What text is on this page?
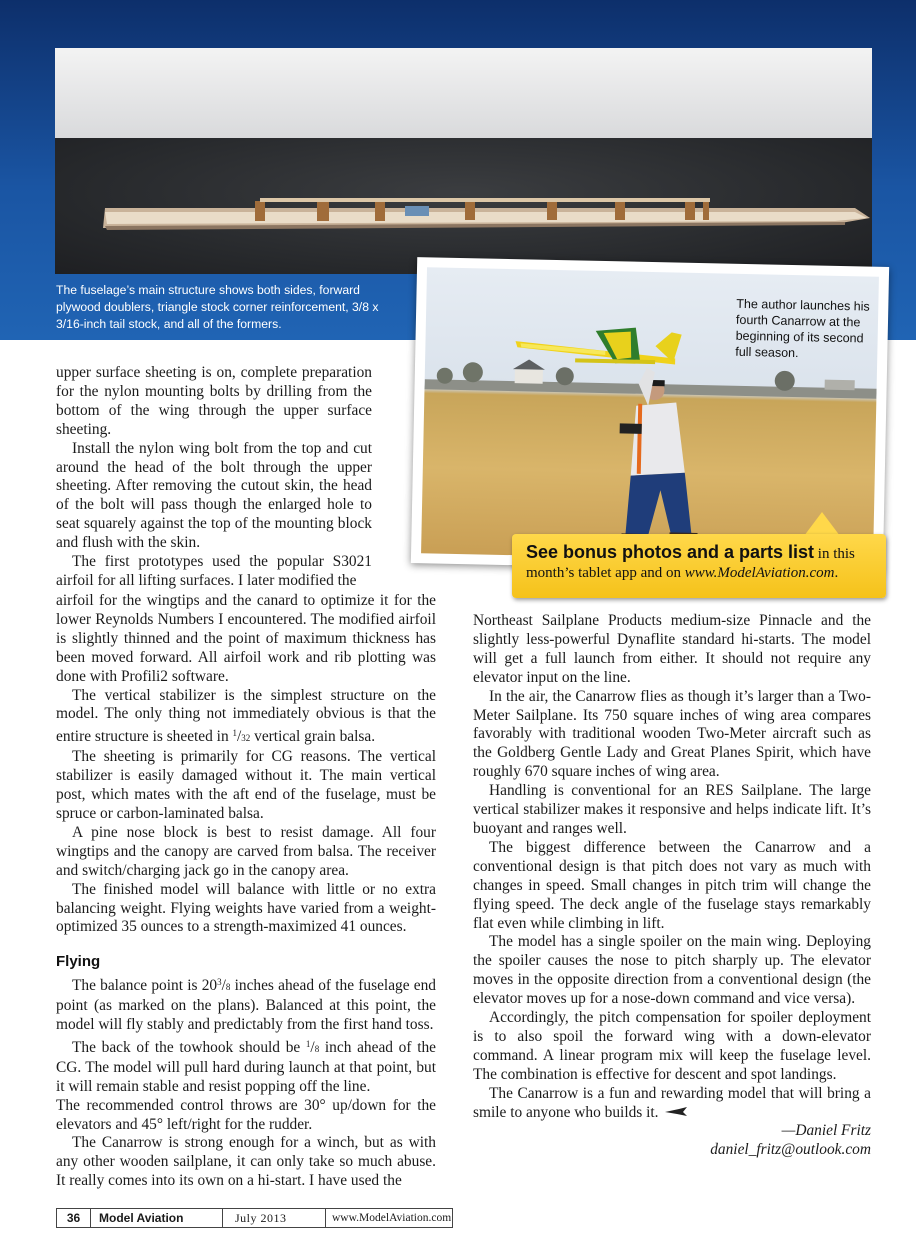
The fuselage’s main structure shows both sides, forward plywood doublers, triangle stock corner reinforcement, 3/8 x 3/16-inch tail stock, and all of the formers.
The author launches his fourth Canarrow at the beginning of its second full season.
See bonus photos and a parts list in this
month’s tablet app and on www.ModelAviation.com.

upper surface sheeting is on, complete preparation for the nylon mounting bolts by drilling from the bottom of the wing through the upper surface sheeting.

Install the nylon wing bolt from the top and cut around the head of the bolt through the upper sheeting. After removing the cutout skin, the head of the bolt will pass though the enlarged hole to seat squarely against the top of the mounting block and flush with the skin.

The first prototypes used the popular S3021 airfoil for all lifting surfaces. I later modified the

airfoil for the wingtips and the canard to optimize it for the lower Reynolds Numbers I encountered. The modified airfoil is slightly thinned and the point of maximum thickness has been moved forward. All airfoil work and rib plotting was done with Profili2 software.

The vertical stabilizer is the simplest structure on the model. The only thing not immediately obvious is that the entire structure is sheeted in $^1$/32 vertical grain balsa.

The sheeting is primarily for CG reasons. The vertical stabilizer is easily damaged without it. The main vertical post, which mates with the aft end of the fuselage, must be spruce or carbon-laminated balsa.

A pine nose block is best to resist damage. All four wingtips and the canopy are carved from balsa. The receiver and switch/charging jack go in the canopy area.

The finished model will balance with little or no extra balancing weight. Flying weights have varied from a weight-optimized 35 ounces to a strength-maximized 41 ounces.

Flying

The balance point is $20^3/8$ inches ahead of the fuselage end point (as marked on the plans). Balanced at this point, the model will fly stably and predictably from the first hand toss.

The back of the towhook should be $^1$/8 inch ahead of the CG. The model will pull hard during launch at that point, but it will remain stable and resist popping off the line.

The recommended control throws are 30° up/down for the elevators and 45° left/right for the rudder.

The Canarrow is strong enough for a winch, but as with any other wooden sailplane, it can only take so much abuse. It really comes into its own on a hi-start. I have used the

Northeast Sailplane Products medium-size Pinnacle and the slightly less-powerful Dynaflite standard hi-starts. The model will get a full launch from either. It should not require any elevator input on the line.

In the air, the Canarrow flies as though it’s larger than a Two-Meter Sailplane. Its 750 square inches of wing area compares favorably with traditional wooden Two-Meter aircraft such as the Goldberg Gentle Lady and Great Planes Spirit, which have roughly 670 square inches of wing area.

Handling is conventional for an RES Sailplane. The large vertical stabilizer makes it responsive and helps indicate lift. It’s buoyant and ranges well.

The biggest difference between the Canarrow and a conventional design is that pitch does not vary as much with changes in speed. Small changes in pitch trim will change the flying speed. The deck angle of the fuselage stays remarkably flat even while climbing in lift.

The model has a single spoiler on the main wing. Deploying the spoiler causes the nose to pitch sharply up. The elevator moves in the opposite direction from a conventional design (the elevator moves up for a nose-down command and vice versa).

Accordingly, the pitch compensation for spoiler deployment is to also spoil the forward wing with a down-elevator command. A linear program mix will keep the fuselage level. The combination is effective for descent and spot landings.

The Canarrow is a fun and rewarding model that will bring a smile to anyone who builds it.

—Daniel Fritz

daniel_fritz@outlook.com

36	Model Aviation	July 2013	www.ModelAviation.com
